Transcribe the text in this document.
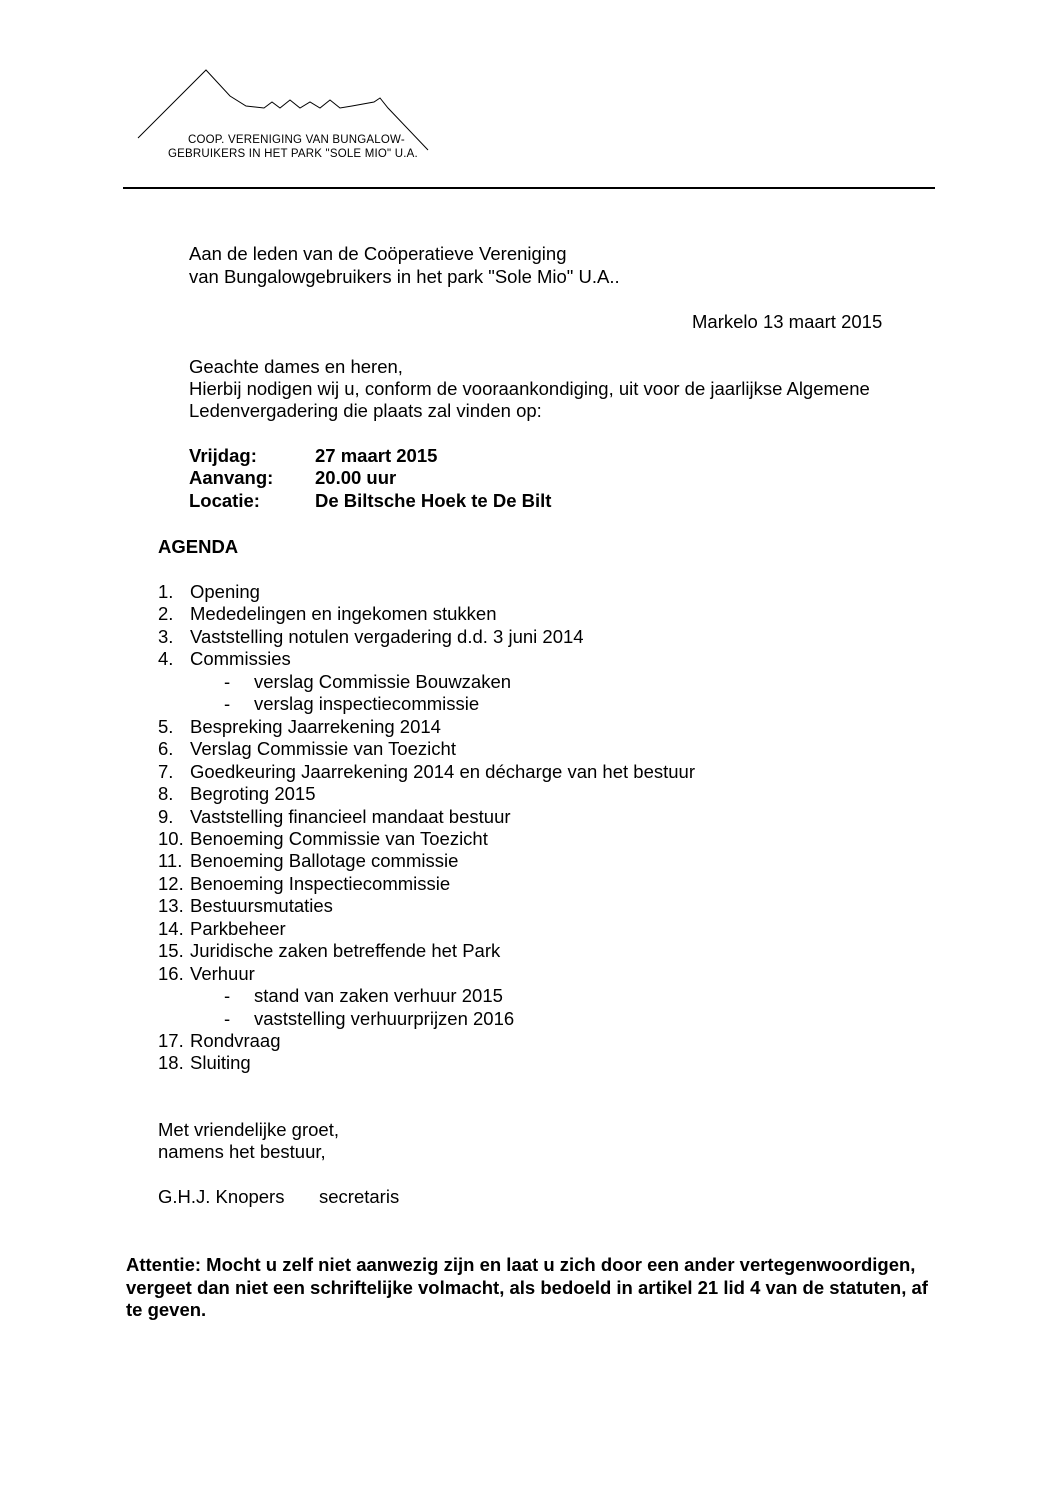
COOP. VERENIGING VAN BUNGALOW-
GEBRUIKERS IN HET PARK "SOLE MIO" U.A.
Aan de leden van de Coöperatieve Vereniging
van Bungalowgebruikers in het park "Sole Mio" U.A..
Markelo 13 maart 2015
Geachte dames en heren,
Hierbij nodigen wij u, conform de vooraankondiging, uit voor de jaarlijkse Algemene
Ledenvergadering die plaats zal vinden op:
Vrijdag:	27 maart 2015
Aanvang: 20.00 uur
Locatie:	De Biltsche Hoek te De Bilt
AGENDA
1. Opening
2. Mededelingen en ingekomen stukken
3. Vaststelling notulen vergadering d.d. 3 juni 2014
4. Commissies
- verslag Commissie Bouwzaken
- verslag inspectiecommissie
5. Bespreking Jaarrekening 2014
6. Verslag Commissie van Toezicht
7. Goedkeuring Jaarrekening 2014 en décharge van het bestuur
8. Begroting 2015
9. Vaststelling financieel mandaat bestuur
10. Benoeming Commissie van Toezicht
11. Benoeming Ballotage commissie
12. Benoeming Inspectiecommissie
13. Bestuursmutaties
14. Parkbeheer
15. Juridische zaken betreffende het Park
16. Verhuur
- stand van zaken verhuur 2015
- vaststelling verhuurprijzen 2016
17. Rondvraag
18. Sluiting
Met vriendelijke groet,
namens het bestuur,
G.H.J. Knopers secretaris
Attentie: Mocht u zelf niet aanwezig zijn en laat u zich door een ander vertegenwoordigen, vergeet dan niet een schriftelijke volmacht, als bedoeld in artikel 21 lid 4 van de statuten, af te geven.
